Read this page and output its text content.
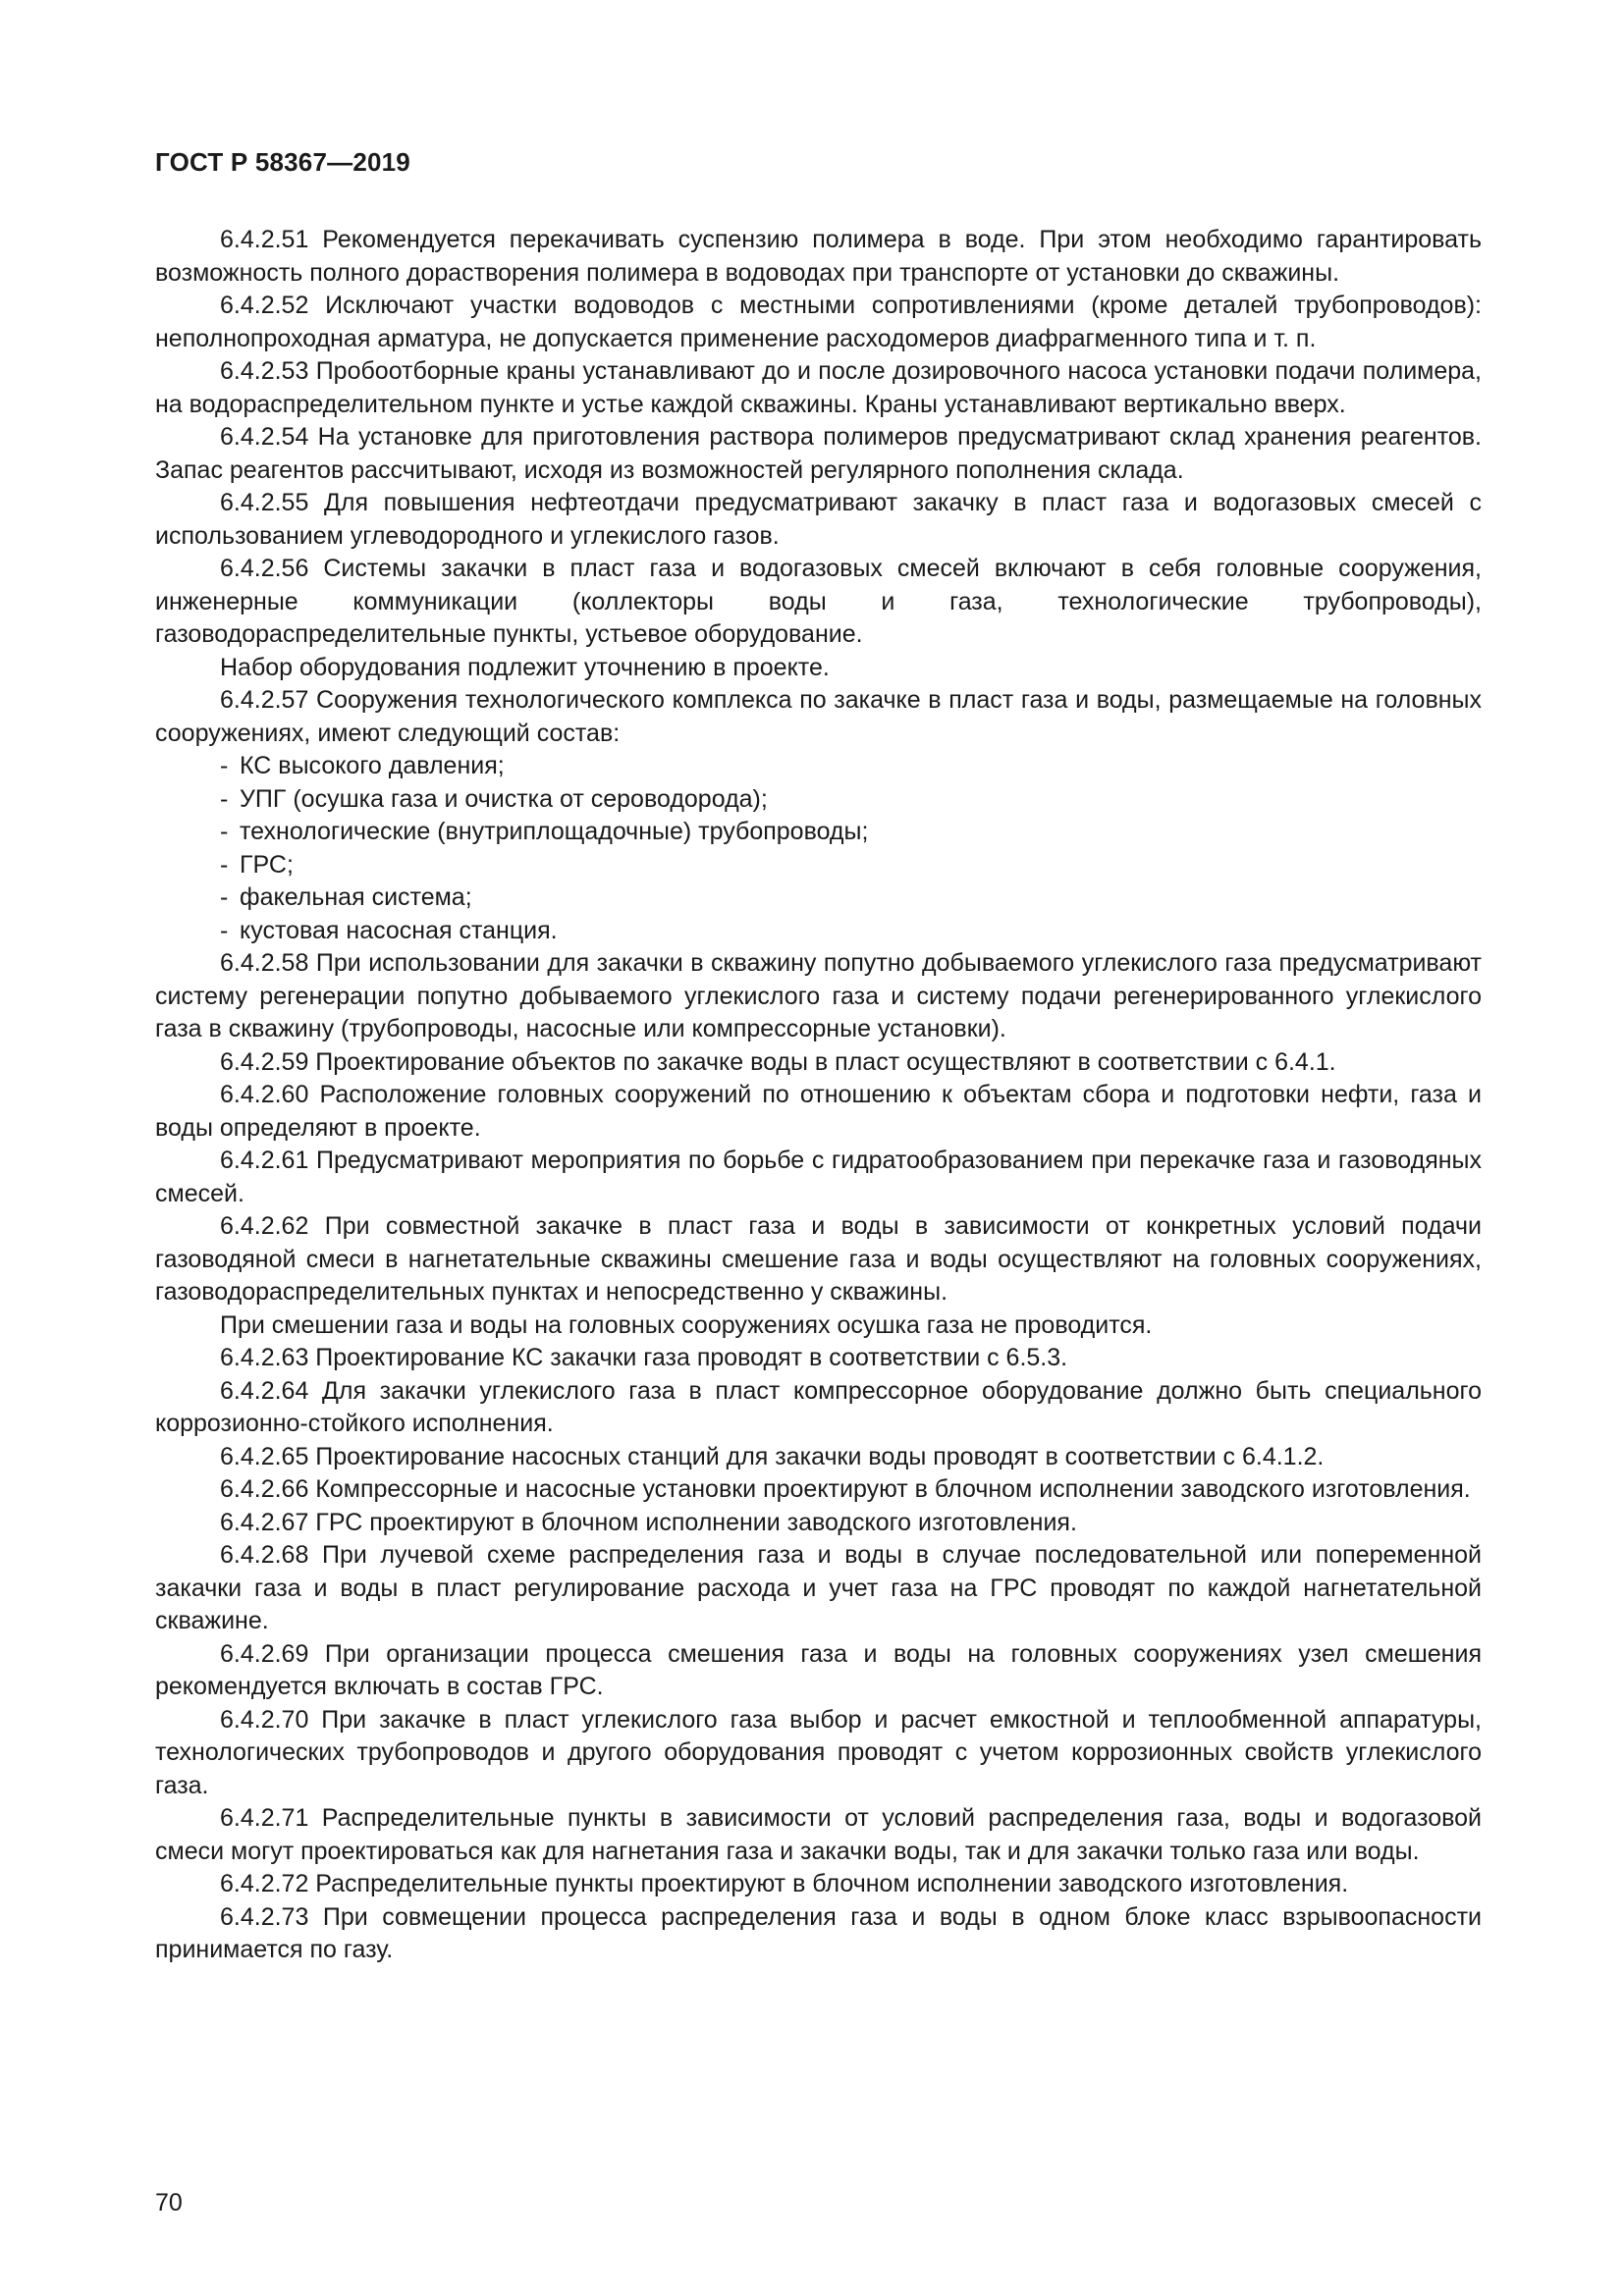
ГОСТ Р 58367—2019

6.4.2.51 Рекомендуется перекачивать суспензию полимера в воде. При этом необходимо гарантировать возможность полного дорастворения полимера в водоводах при транспорте от установки до скважины.

6.4.2.52 Исключают участки водоводов с местными сопротивлениями (кроме деталей трубопроводов): неполнопроходная арматура, не допускается применение расходомеров диафрагменного типа и т. п.

6.4.2.53 Пробоотборные краны устанавливают до и после дозировочного насоса установки подачи полимера, на водораспределительном пункте и устье каждой скважины. Краны устанавливают вертикально вверх.

6.4.2.54 На установке для приготовления раствора полимеров предусматривают склад хранения реагентов. Запас реагентов рассчитывают, исходя из возможностей регулярного пополнения склада.

6.4.2.55 Для повышения нефтеотдачи предусматривают закачку в пласт газа и водогазовых смесей с использованием углеводородного и углекислого газов.

6.4.2.56 Системы закачки в пласт газа и водогазовых смесей включают в себя головные сооружения, инженерные коммуникации (коллекторы воды и газа, технологические трубопроводы), газоводораспределительные пункты, устьевое оборудование.

Набор оборудования подлежит уточнению в проекте.

6.4.2.57 Сооружения технологического комплекса по закачке в пласт газа и воды, размещаемые на головных сооружениях, имеют следующий состав:

- КС высокого давления;
- УПГ (осушка газа и очистка от сероводорода);
- технологические (внутриплощадочные) трубопроводы;
- ГРС;
- факельная система;
- кустовая насосная станция.

6.4.2.58 При использовании для закачки в скважину попутно добываемого углекислого газа предусматривают систему регенерации попутно добываемого углекислого газа и систему подачи регенерированного углекислого газа в скважину (трубопроводы, насосные или компрессорные установки).

6.4.2.59 Проектирование объектов по закачке воды в пласт осуществляют в соответствии с 6.4.1.

6.4.2.60 Расположение головных сооружений по отношению к объектам сбора и подготовки нефти, газа и воды определяют в проекте.

6.4.2.61 Предусматривают мероприятия по борьбе с гидратообразованием при перекачке газа и газоводяных смесей.

6.4.2.62 При совместной закачке в пласт газа и воды в зависимости от конкретных условий подачи газоводяной смеси в нагнетательные скважины смешение газа и воды осуществляют на головных сооружениях, газоводораспределительных пунктах и непосредственно у скважины.

При смешении газа и воды на головных сооружениях осушка газа не проводится.

6.4.2.63 Проектирование КС закачки газа проводят в соответствии с 6.5.3.

6.4.2.64 Для закачки углекислого газа в пласт компрессорное оборудование должно быть специального коррозионно-стойкого исполнения.

6.4.2.65 Проектирование насосных станций для закачки воды проводят в соответствии с 6.4.1.2.

6.4.2.66 Компрессорные и насосные установки проектируют в блочном исполнении заводского изготовления.

6.4.2.67 ГРС проектируют в блочном исполнении заводского изготовления.

6.4.2.68 При лучевой схеме распределения газа и воды в случае последовательной или попеременной закачки газа и воды в пласт регулирование расхода и учет газа на ГРС проводят по каждой нагнетательной скважине.

6.4.2.69 При организации процесса смешения газа и воды на головных сооружениях узел смешения рекомендуется включать в состав ГРС.

6.4.2.70 При закачке в пласт углекислого газа выбор и расчет емкостной и теплообменной аппаратуры, технологических трубопроводов и другого оборудования проводят с учетом коррозионных свойств углекислого газа.

6.4.2.71 Распределительные пункты в зависимости от условий распределения газа, воды и водогазовой смеси могут проектироваться как для нагнетания газа и закачки воды, так и для закачки только газа или воды.

6.4.2.72 Распределительные пункты проектируют в блочном исполнении заводского изготовления.

6.4.2.73 При совмещении процесса распределения газа и воды в одном блоке класс взрывоопасности принимается по газу.

70
